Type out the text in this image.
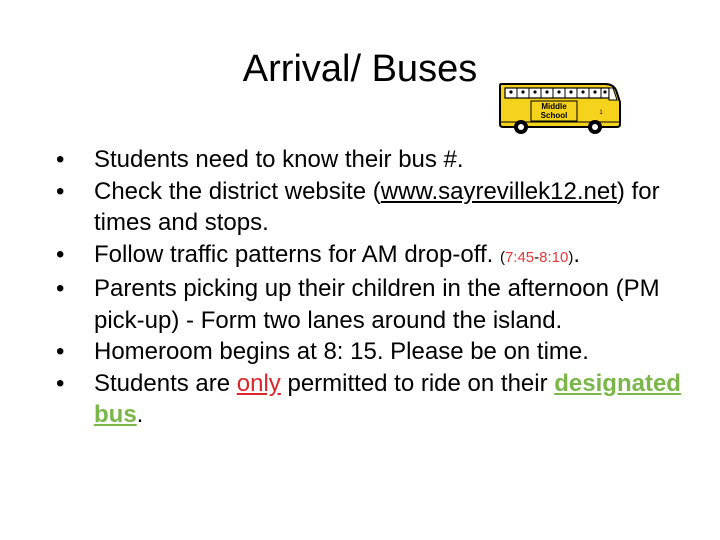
Arrival/ Buses
Middle
School	1
•	Students need to know their bus #.
•	Check the district website (www.sayrevillek12.net) for times and stops.
•	Follow traffic patterns for AM drop-off. (7:45-8:10).
•	Parents picking up their children in the afternoon (PM pick-up) - Form two lanes around the island.
•	Homeroom begins at 8: 15. Please be on time.
•	Students are only permitted to ride on their designated bus.
